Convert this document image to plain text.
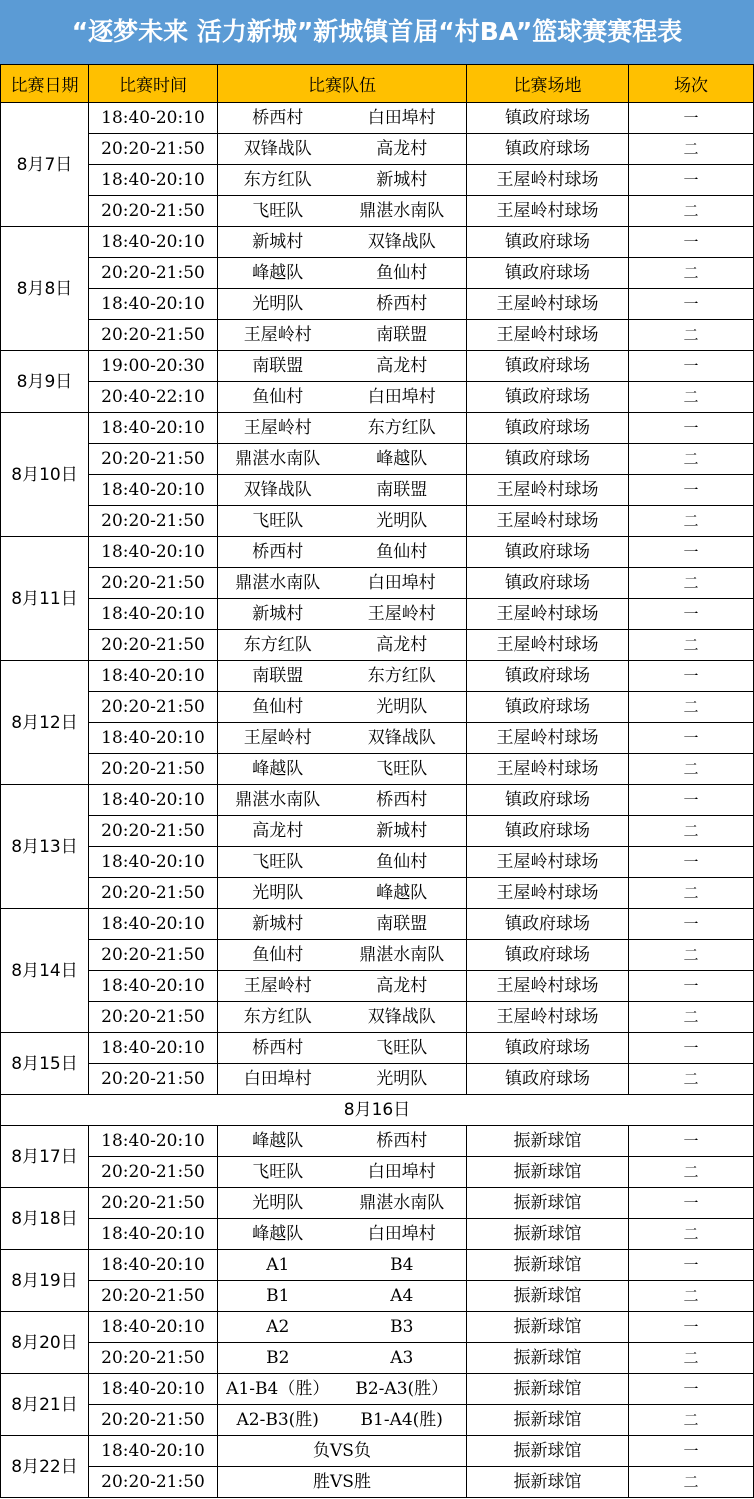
“逐梦未来 活力新城”新城镇首届“村BA”篮球赛赛程表
比赛日期	比赛时间	比赛队伍		比赛场地	场次
8月7日	18:40-20:10	桥西村	白田埠村	镇政府球场	一
	20:20-21:50	双锋战队	高龙村	镇政府球场	二
	18:40-20:10	东方红队	新城村	王屋岭村球场	一
	20:20-21:50	飞旺队	鼎湛水南队	王屋岭村球场	二
8月8日	18:40-20:10	新城村	双锋战队	镇政府球场	一
	20:20-21:50	峰越队	鱼仙村	镇政府球场	二
	18:40-20:10	光明队	桥西村	王屋岭村球场	一
	20:20-21:50	王屋岭村	南联盟	王屋岭村球场	二
8月9日	19:00-20:30	南联盟	高龙村	镇政府球场	一
	20:40-22:10	鱼仙村	白田埠村	镇政府球场	二
8月10日	18:40-20:10	王屋岭村	东方红队	镇政府球场	一
	20:20-21:50	鼎湛水南队	峰越队	镇政府球场	二
	18:40-20:10	双锋战队	南联盟	王屋岭村球场	一
	20:20-21:50	飞旺队	光明队	王屋岭村球场	二
8月11日	18:40-20:10	桥西村	鱼仙村	镇政府球场	一
	20:20-21:50	鼎湛水南队	白田埠村	镇政府球场	二
	18:40-20:10	新城村	王屋岭村	王屋岭村球场	一
	20:20-21:50	东方红队	高龙村	王屋岭村球场	二
8月12日	18:40-20:10	南联盟	东方红队	镇政府球场	一
	20:20-21:50	鱼仙村	光明队	镇政府球场	二
	18:40-20:10	王屋岭村	双锋战队	王屋岭村球场	一
	20:20-21:50	峰越队	飞旺队	王屋岭村球场	二
8月13日	18:40-20:10	鼎湛水南队	桥西村	镇政府球场	一
	20:20-21:50	高龙村	新城村	镇政府球场	二
	18:40-20:10	飞旺队	鱼仙村	王屋岭村球场	一
	20:20-21:50	光明队	峰越队	王屋岭村球场	二
8月14日	18:40-20:10	新城村	南联盟	镇政府球场	一
	20:20-21:50	鱼仙村	鼎湛水南队	镇政府球场	二
	18:40-20:10	王屋岭村	高龙村	王屋岭村球场	一
	20:20-21:50	东方红队	双锋战队	王屋岭村球场	二
8月15日	18:40-20:10	桥西村	飞旺队	镇政府球场	一
	20:20-21:50	白田埠村	光明队	镇政府球场	二
8月16日					
8月17日	18:40-20:10	峰越队	桥西村	振新球馆	一
	20:20-21:50	飞旺队	白田埠村	振新球馆	二
8月18日	20:20-21:50	光明队	鼎湛水南队	振新球馆	一
	18:40-20:10	峰越队	白田埠村	振新球馆	二
8月19日	18:40-20:10	A1	B4	振新球馆	一
	20:20-21:50	B1	A4	振新球馆	二
8月20日	18:40-20:10	A2	B3	振新球馆	一
	20:20-21:50	B2	A3	振新球馆	二
8月21日	18:40-20:10	A1-B4（胜）	B2-A3(胜）	振新球馆	一
	20:20-21:50	A2-B3(胜)	B1-A4(胜)	振新球馆	二
8月22日	18:40-20:10	负VS负		振新球馆	一
	20:20-21:50	胜VS胜		振新球馆	二
